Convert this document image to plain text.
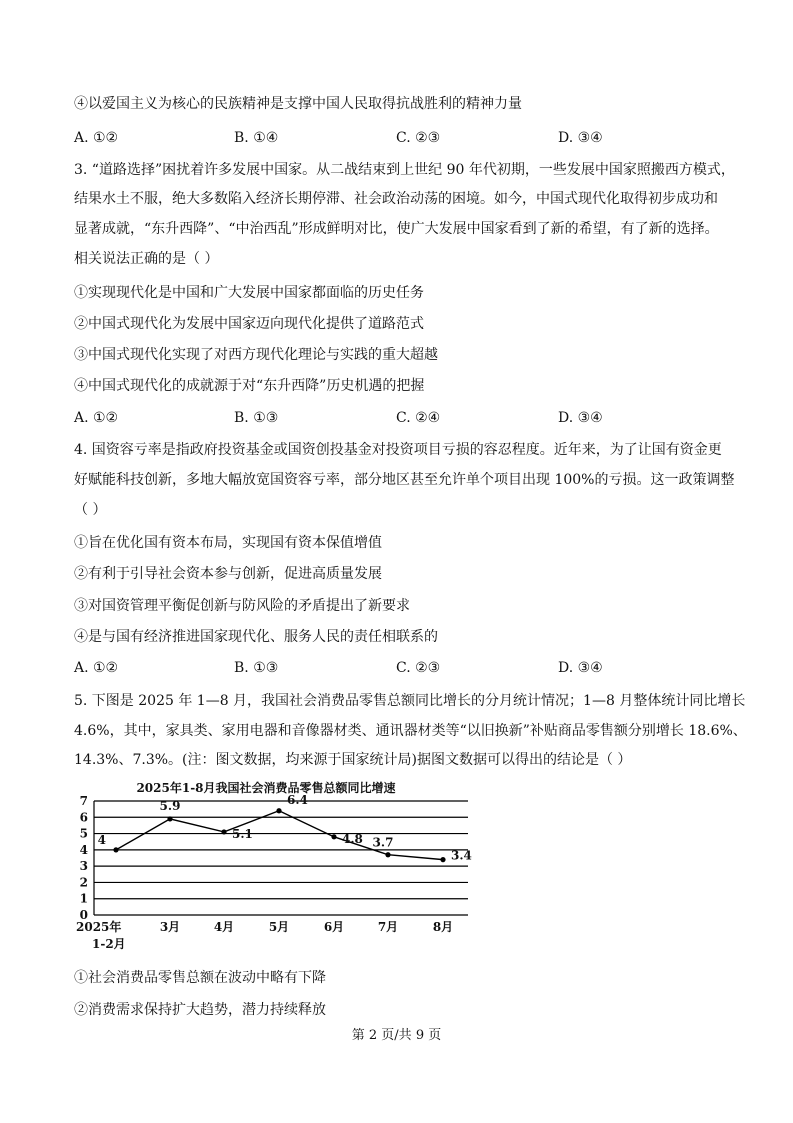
④以爱国主义为核心的民族精神是支撑中国人民取得抗战胜利的精神力量
A. ①②	B. ①④	C. ②③	D. ③④
3. “道路选择”困扰着许多发展中国家。从二战结束到上世纪 90 年代初期，一些发展中国家照搬西方模式，
结果水土不服，绝大多数陷入经济长期停滞、社会政治动荡的困境。如今，中国式现代化取得初步成功和
显著成就，“东升西降”、“中治西乱”形成鲜明对比，使广大发展中国家看到了新的希望，有了新的选择。
相关说法正确的是（ ）
①实现现代化是中国和广大发展中国家都面临的历史任务
②中国式现代化为发展中国家迈向现代化提供了道路范式
③中国式现代化实现了对西方现代化理论与实践的重大超越
④中国式现代化的成就源于对“东升西降”历史机遇的把握
A. ①②	B. ①③	C. ②④	D. ③④
4. 国资容亏率是指政府投资基金或国资创投基金对投资项目亏损的容忍程度。近年来，为了让国有资金更
好赋能科技创新，多地大幅放宽国资容亏率，部分地区甚至允许单个项目出现 100%的亏损。这一政策调整
（ ）
①旨在优化国有资本布局，实现国有资本保值增值
②有利于引导社会资本参与创新，促进高质量发展
③对国资管理平衡促创新与防风险的矛盾提出了新要求
④是与国有经济推进国家现代化、服务人民的责任相联系的
A. ①②	B. ①③	C. ②③	D. ③④
5. 下图是 2025 年 1—8 月，我国社会消费品零售总额同比增长的分月统计情况；1—8 月整体统计同比增长
4.6%，其中，家具类、家用电器和音像器材类、通讯器材类等“以旧换新”补贴商品零售额分别增长 18.6%、
14.3%、7.3%。(注：图文数据，均来源于国家统计局)据图文数据可以得出的结论是（ ）
2025年1-8月我国社会消费品零售总额同比增速
0
1
2
3
4
5
6
7
4
5.9
5.1
6.4
4.8 3.7
3.4
2025年 1-2月
3月	4月	5月	6月	7月	8月
①社会消费品零售总额在波动中略有下降
②消费需求保持扩大趋势，潜力持续释放
第 2 页/共 9 页
